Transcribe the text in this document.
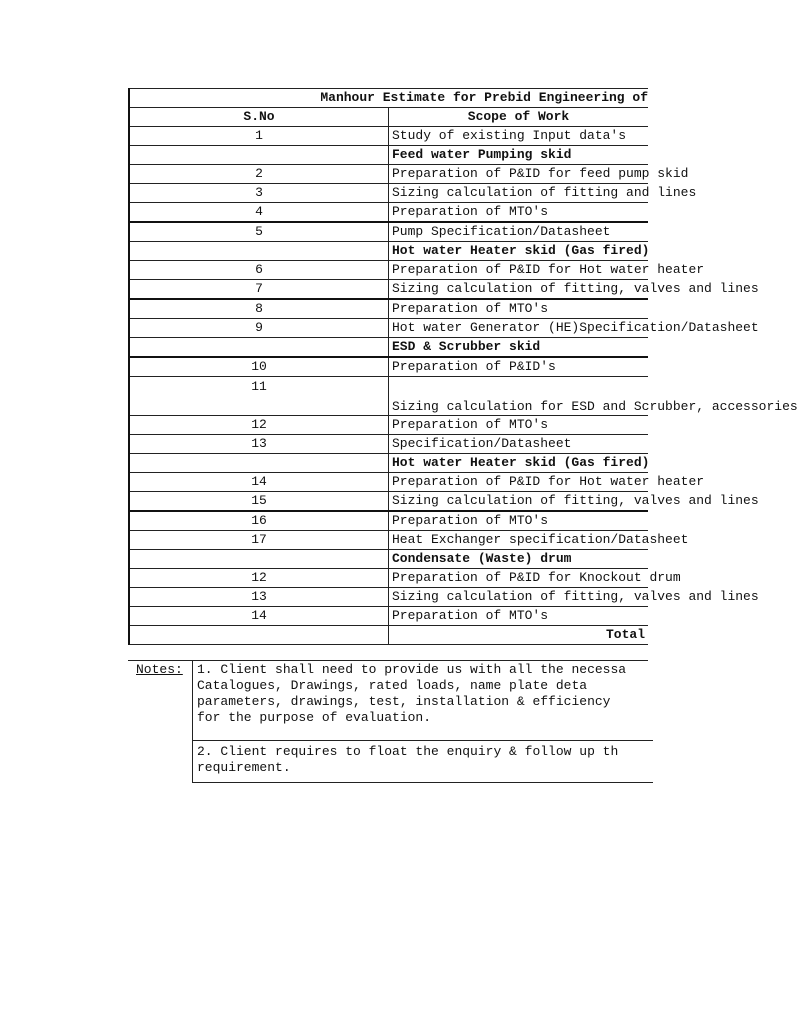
Manhour Estimate for Prebid Engineering of	
S.No	Scope of Work
1	Study of existing Input data's
	Feed water Pumping skid
2	Preparation of P&ID for feed pump skid
3	Sizing calculation of fitting and lines
4	Preparation of MTO's
5	Pump Specification/Datasheet
	Hot water Heater skid (Gas fired)
6	Preparation of P&ID for Hot water heater
7	Sizing calculation of fitting, valves and lines
8	Preparation of MTO's
9	Hot water Generator (HE)Specification/Datasheet
	ESD & Scrubber skid
10	Preparation of P&ID's
11	Sizing calculation for ESD and Scrubber, accessories
12	Preparation of MTO's
13	Specification/Datasheet
	Hot water Heater skid (Gas fired)
14	Preparation of P&ID for Hot water heater
15	Sizing calculation of fitting, valves and lines
16	Preparation of MTO's
17	Heat Exchanger specification/Datasheet
	Condensate (Waste) drum
12	Preparation of P&ID for Knockout drum
13	Sizing calculation of fitting, valves and lines
14	Preparation of MTO's
	Total
Notes: 1. Client shall need to provide us with all the necessa
Catalogues, Drawings, rated loads, name plate deta
parameters, drawings, test, installation & efficiency
for the purpose of evaluation.
2. Client requires to float the enquiry & follow up th
requirement.
